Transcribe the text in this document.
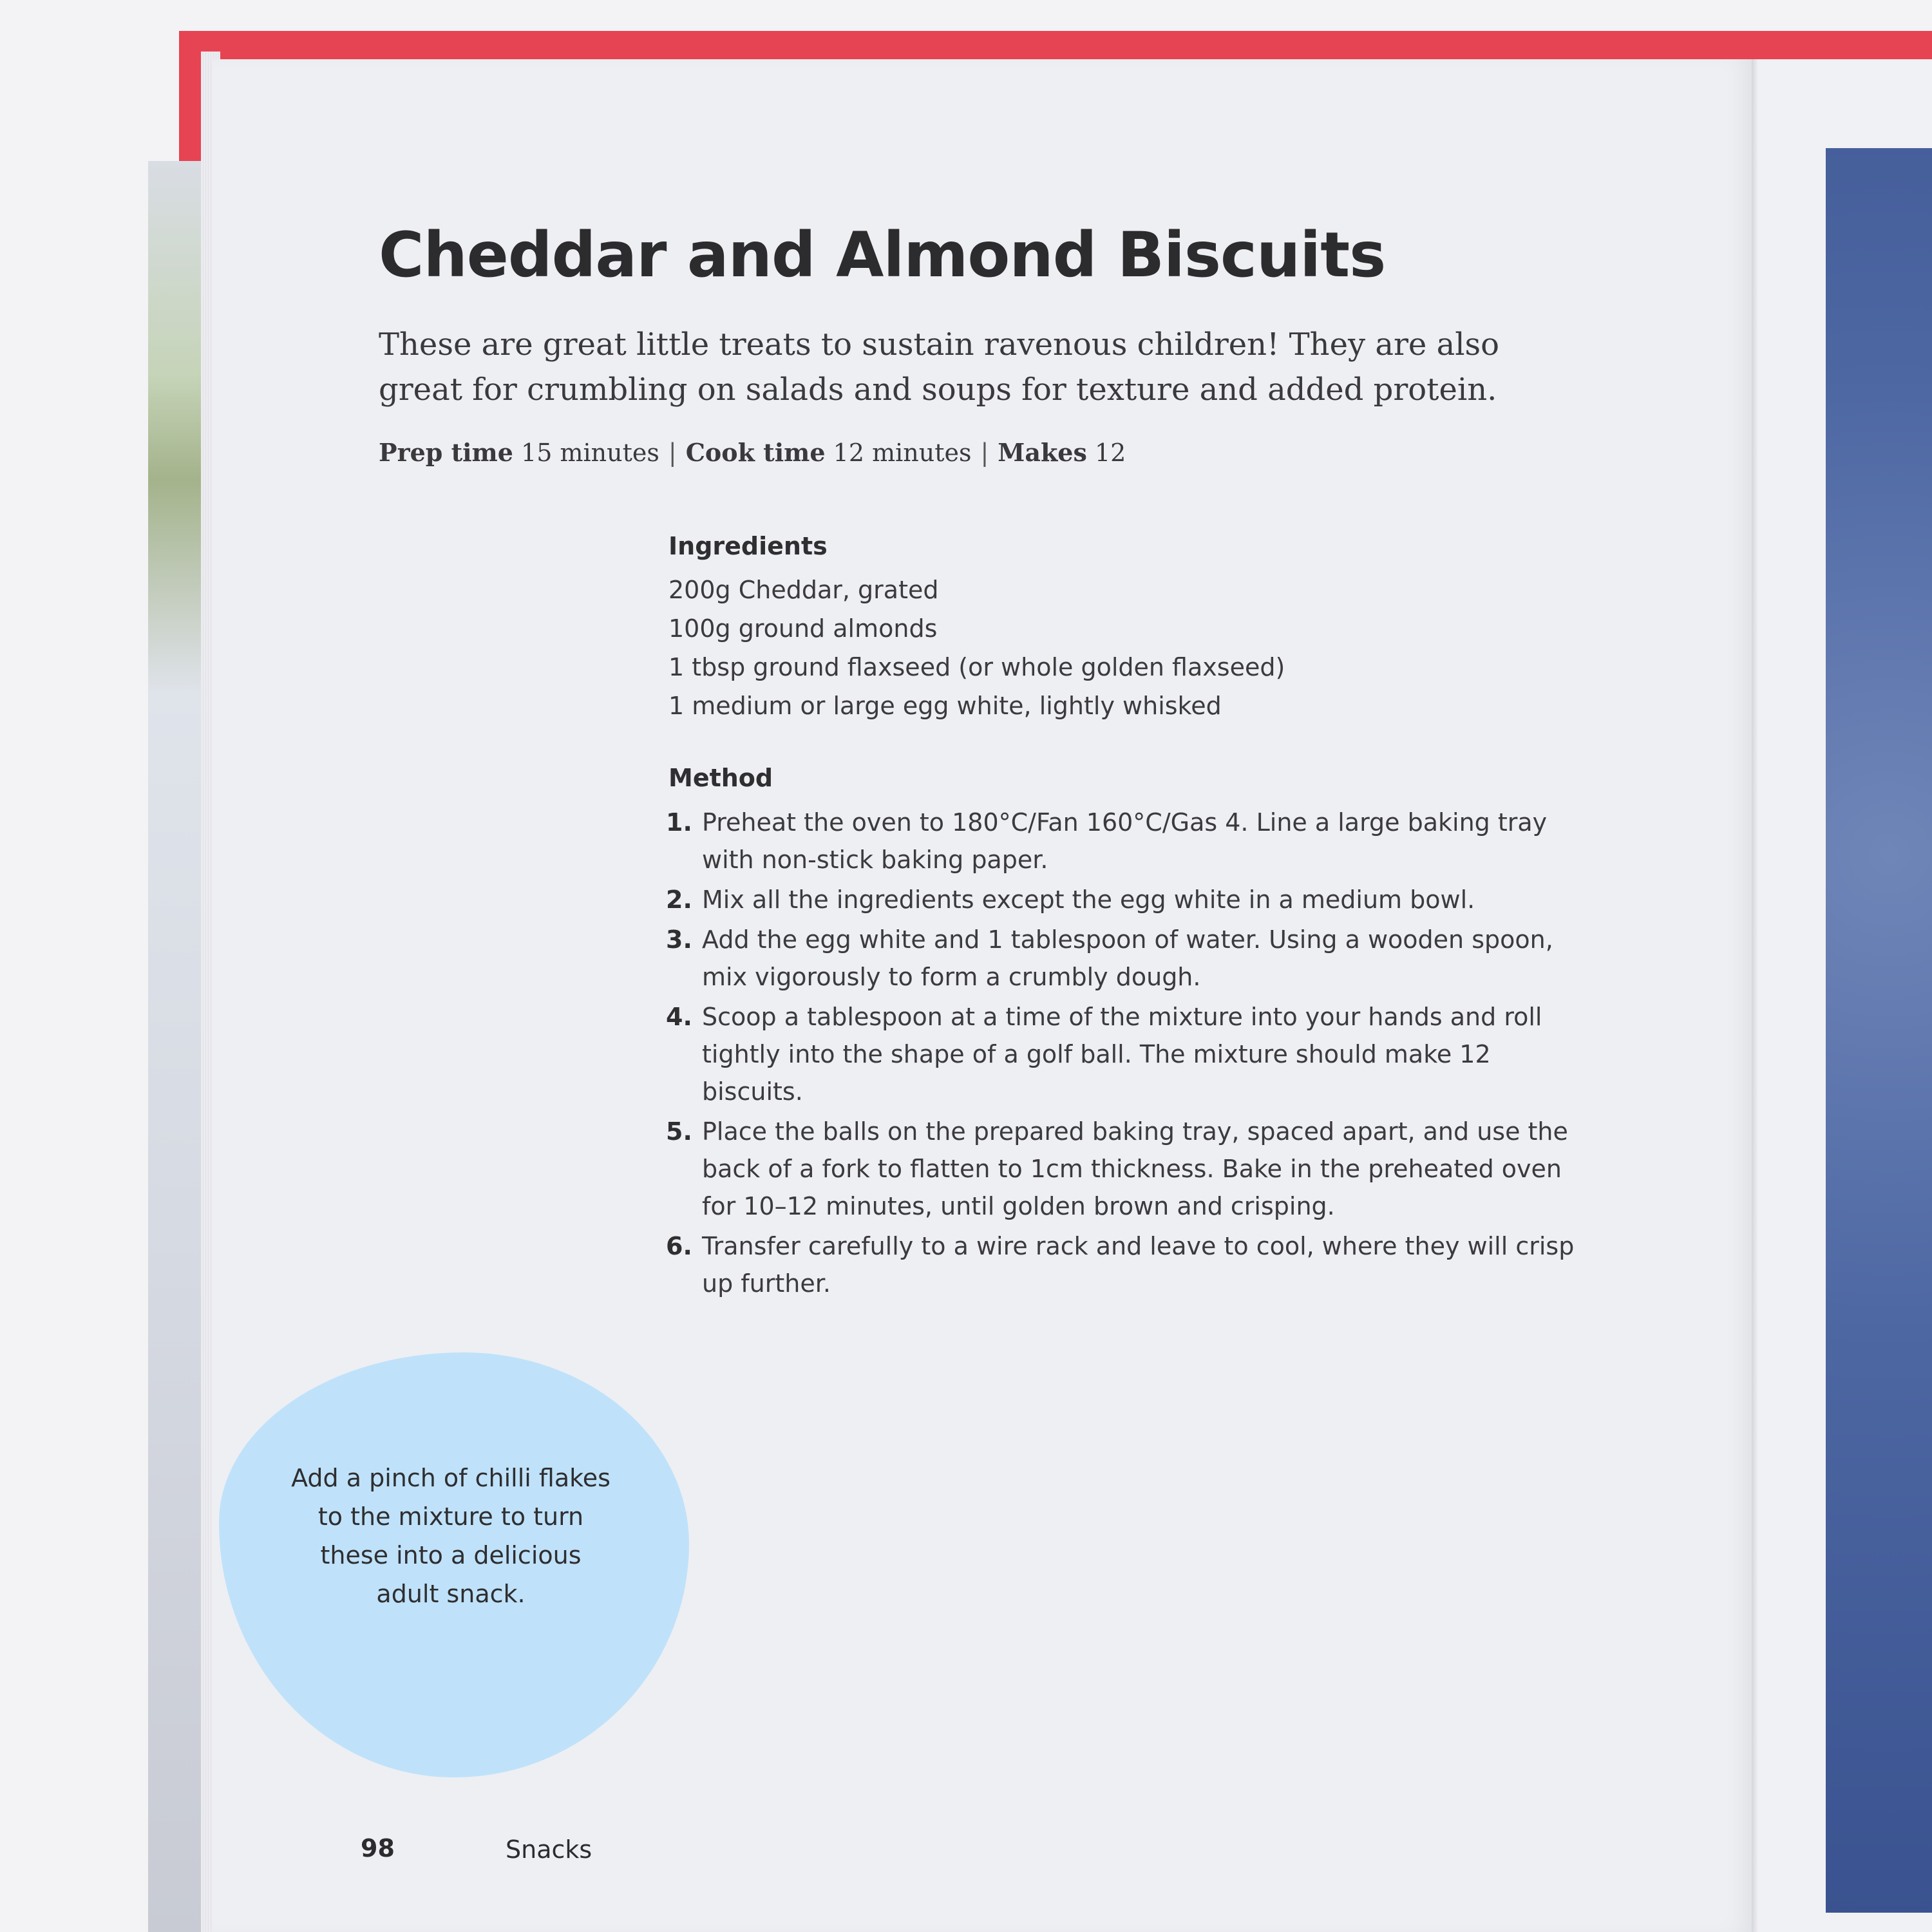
Cheddar and Almond Biscuits

These are great little treats to sustain ravenous children! They are also great for crumbling on salads and soups for texture and added protein.

Prep time 15 minutes | Cook time 12 minutes | Makes 12

Ingredients
200g Cheddar, grated
100g ground almonds
1 tbsp ground flaxseed (or whole golden flaxseed)
1 medium or large egg white, lightly whisked
Method
1. Preheat the oven to 180°C/Fan 160°C/Gas 4. Line a large baking tray with non-stick baking paper.
2. Mix all the ingredients except the egg white in a medium bowl.
3. Add the egg white and 1 tablespoon of water. Using a wooden spoon, mix vigorously to form a crumbly dough.
4. Scoop a tablespoon at a time of the mixture into your hands and roll tightly into the shape of a golf ball. The mixture should make 12 biscuits.
5. Place the balls on the prepared baking tray, spaced apart, and use the back of a fork to flatten to 1cm thickness. Bake in the preheated oven for 10–12 minutes, until golden brown and crisping.
6. Transfer carefully to a wire rack and leave to cool, where they will crisp up further.

Add a pinch of chilli flakes to the mixture to turn these into a delicious adult snack.

98	Snacks
